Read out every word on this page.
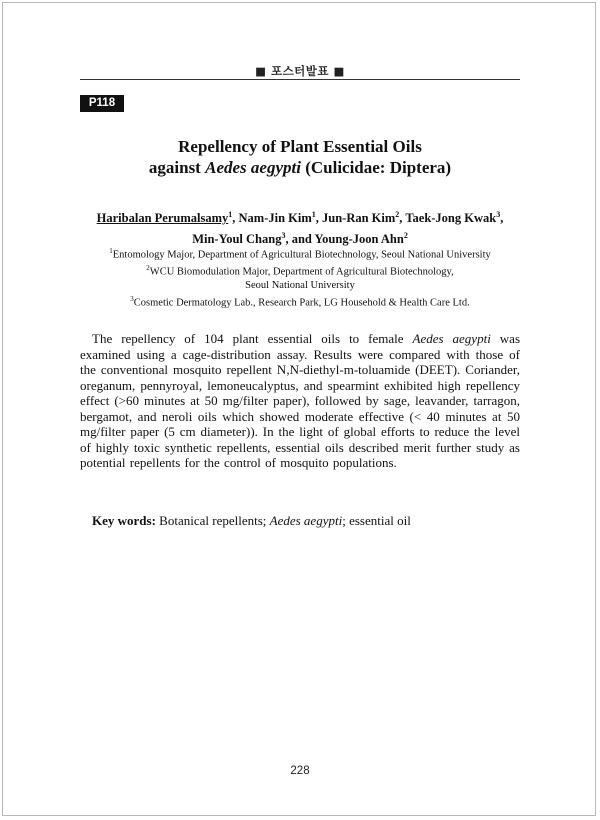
■ 포스터발표 ■
P118
Repellency of Plant Essential Oils
against Aedes aegypti (Culicidae: Diptera)
Haribalan Perumalsamy$^1$, Nam-Jin Kim$^1$, Jun-Ran Kim$^2$, Taek-Jong Kwak$^3$,
Min-Youl Chang$^3$, and Young-Joon Ahn$^2$
$^1$Entomology Major, Department of Agricultural Biotechnology, Seoul National University
$^2$WCU Biomodulation Major, Department of Agricultural Biotechnology,
Seoul National University
$^3$Cosmetic Dermatology Lab., Research Park, LG Household & Health Care Ltd.
The repellency of 104 plant essential oils to female Aedes aegypti was examined using a cage-distribution assay. Results were compared with those of the conventional mosquito repellent N,N-diethyl-m-toluamide (DEET). Coriander, oreganum, pennyroyal, lemoneucalyptus, and spearmint exhibited high repellency effect (>60 minutes at 50 mg/filter paper), followed by sage, leavander, tarragon, bergamot, and neroli oils which showed moderate effective (< 40 minutes at 50 mg/filter paper (5 cm diameter)). In the light of global efforts to reduce the level of highly toxic synthetic repellents, essential oils described merit further study as potential repellents for the control of mosquito populations.
Key words: Botanical repellents; Aedes aegypti; essential oil
228
